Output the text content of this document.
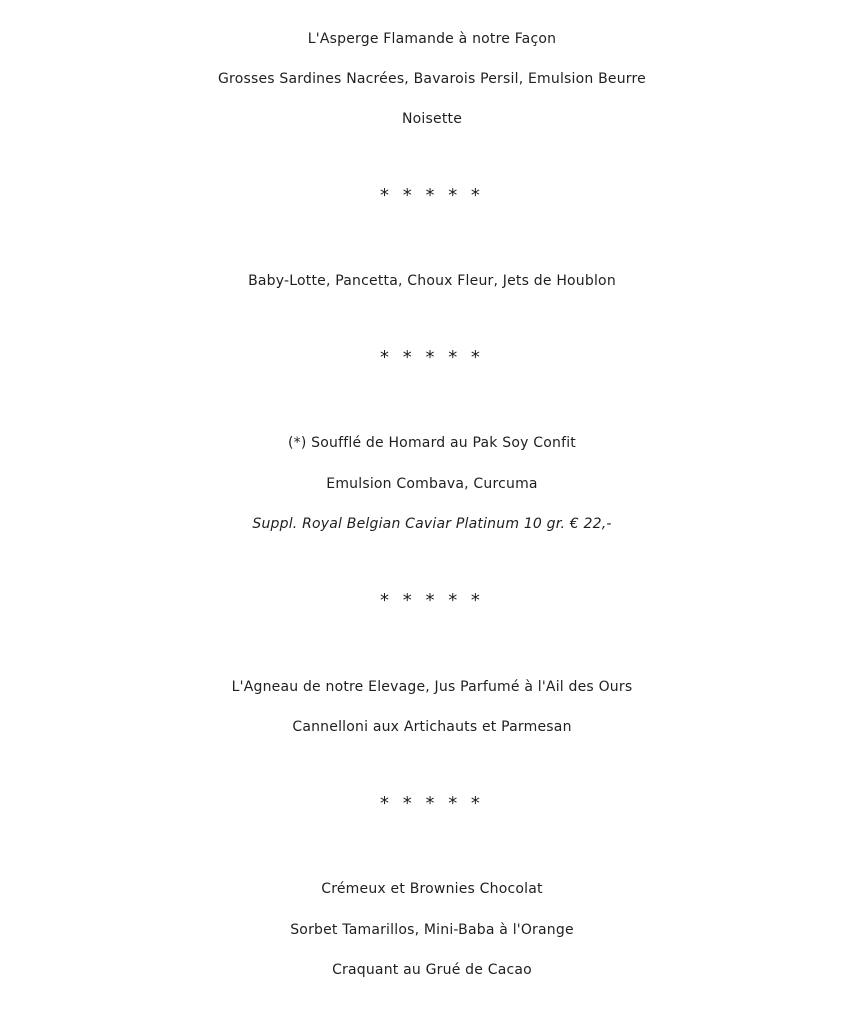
L'Asperge Flamande à notre Façon
Grosses Sardines Nacrées, Bavarois Persil, Emulsion Beurre
Noisette
* * * * *
Baby-Lotte, Pancetta, Choux Fleur, Jets de Houblon
* * * * *
(*) Soufflé de Homard au Pak Soy Confit
Emulsion Combava, Curcuma
Suppl. Royal Belgian Caviar Platinum 10 gr. € 22,-
* * * * *
L'Agneau de notre Elevage, Jus Parfumé à l'Ail des Ours
Cannelloni aux Artichauts et Parmesan
* * * * *
Crémeux et Brownies Chocolat
Sorbet Tamarillos, Mini-Baba à l'Orange
Craquant au Grué de Cacao
